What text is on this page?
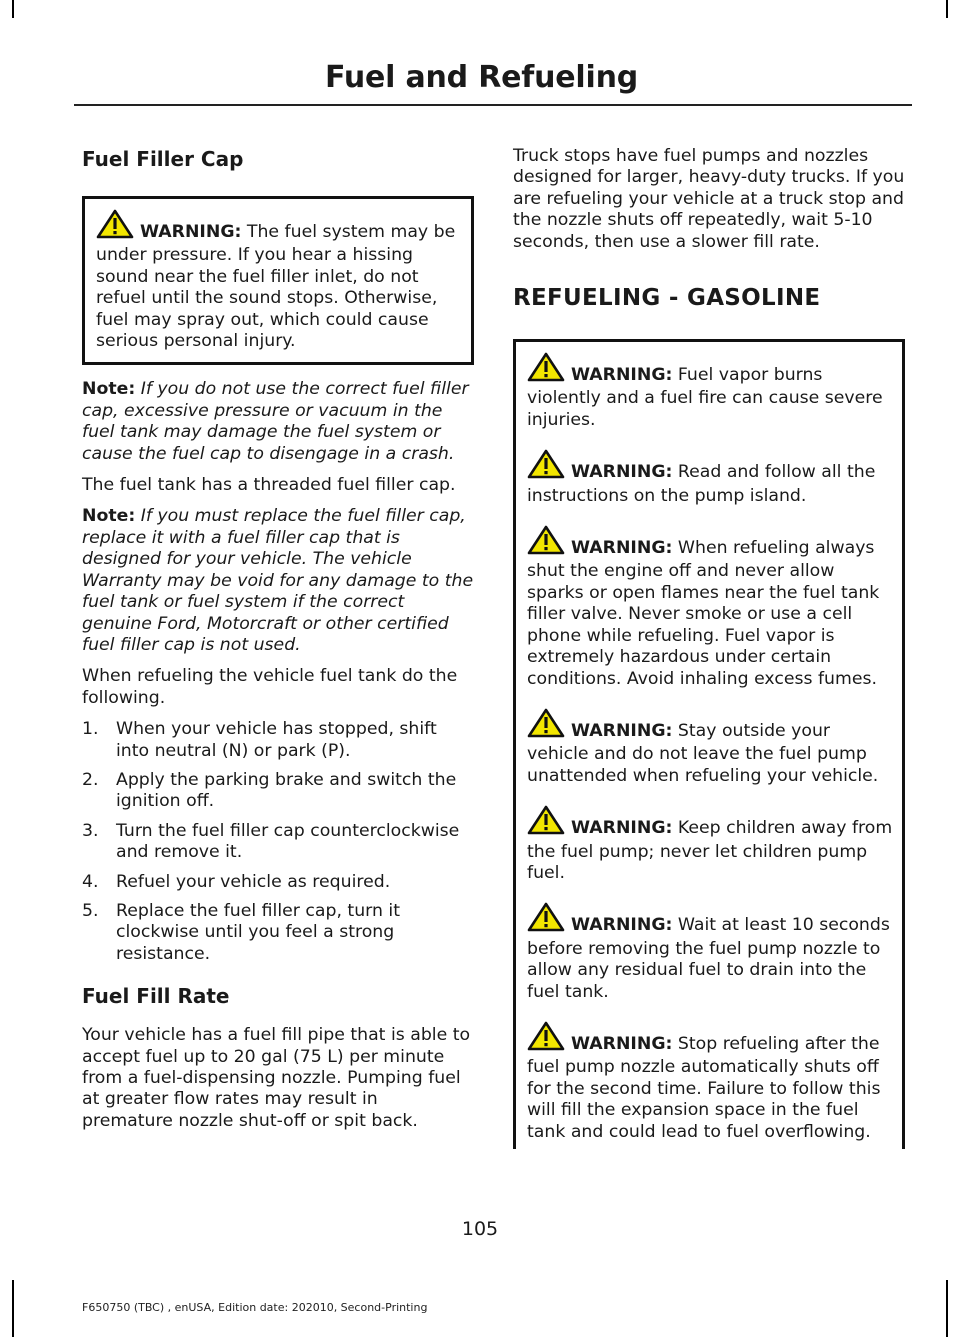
Fuel and Refueling
Fuel Filler Cap
WARNING: The fuel system may be under pressure. If you hear a hissing sound near the fuel filler inlet, do not refuel until the sound stops. Otherwise, fuel may spray out, which could cause serious personal injury.

Note: If you do not use the correct fuel filler cap, excessive pressure or vacuum in the fuel tank may damage the fuel system or cause the fuel cap to disengage in a crash.

The fuel tank has a threaded fuel filler cap.

Note: If you must replace the fuel filler cap, replace it with a fuel filler cap that is designed for your vehicle. The vehicle Warranty may be void for any damage to the fuel tank or fuel system if the correct genuine Ford, Motorcraft or other certified fuel filler cap is not used.

When refueling the vehicle fuel tank do the following.

1.	When your vehicle has stopped, shift into neutral (N) or park (P).
2.	Apply the parking brake and switch the ignition off.
3.	Turn the fuel filler cap counterclockwise and remove it.
4.	Refuel your vehicle as required.
5.	Replace the fuel filler cap, turn it clockwise until you feel a strong resistance.
Fuel Fill Rate

Your vehicle has a fuel fill pipe that is able to accept fuel up to 20 gal (75 L) per minute from a fuel-dispensing nozzle. Pumping fuel at greater flow rates may result in premature nozzle shut-off or spit back.

Truck stops have fuel pumps and nozzles designed for larger, heavy-duty trucks. If you are refueling your vehicle at a truck stop and the nozzle shuts off repeatedly, wait 5-10 seconds, then use a slower fill rate.

REFUELING - GASOLINE
WARNING: Fuel vapor burns violently and a fuel fire can cause severe injuries.
WARNING: Read and follow all the instructions on the pump island.
WARNING: When refueling always shut the engine off and never allow sparks or open flames near the fuel tank filler valve. Never smoke or use a cell phone while refueling. Fuel vapor is extremely hazardous under certain conditions. Avoid inhaling excess fumes.
WARNING: Stay outside your vehicle and do not leave the fuel pump unattended when refueling your vehicle.
WARNING: Keep children away from the fuel pump; never let children pump fuel.
WARNING: Wait at least 10 seconds before removing the fuel pump nozzle to allow any residual fuel to drain into the fuel tank.
WARNING: Stop refueling after the fuel pump nozzle automatically shuts off for the second time. Failure to follow this will fill the expansion space in the fuel tank and could lead to fuel overflowing.
105
F650750 (TBC) , enUSA, Edition date: 202010, Second-Printing
